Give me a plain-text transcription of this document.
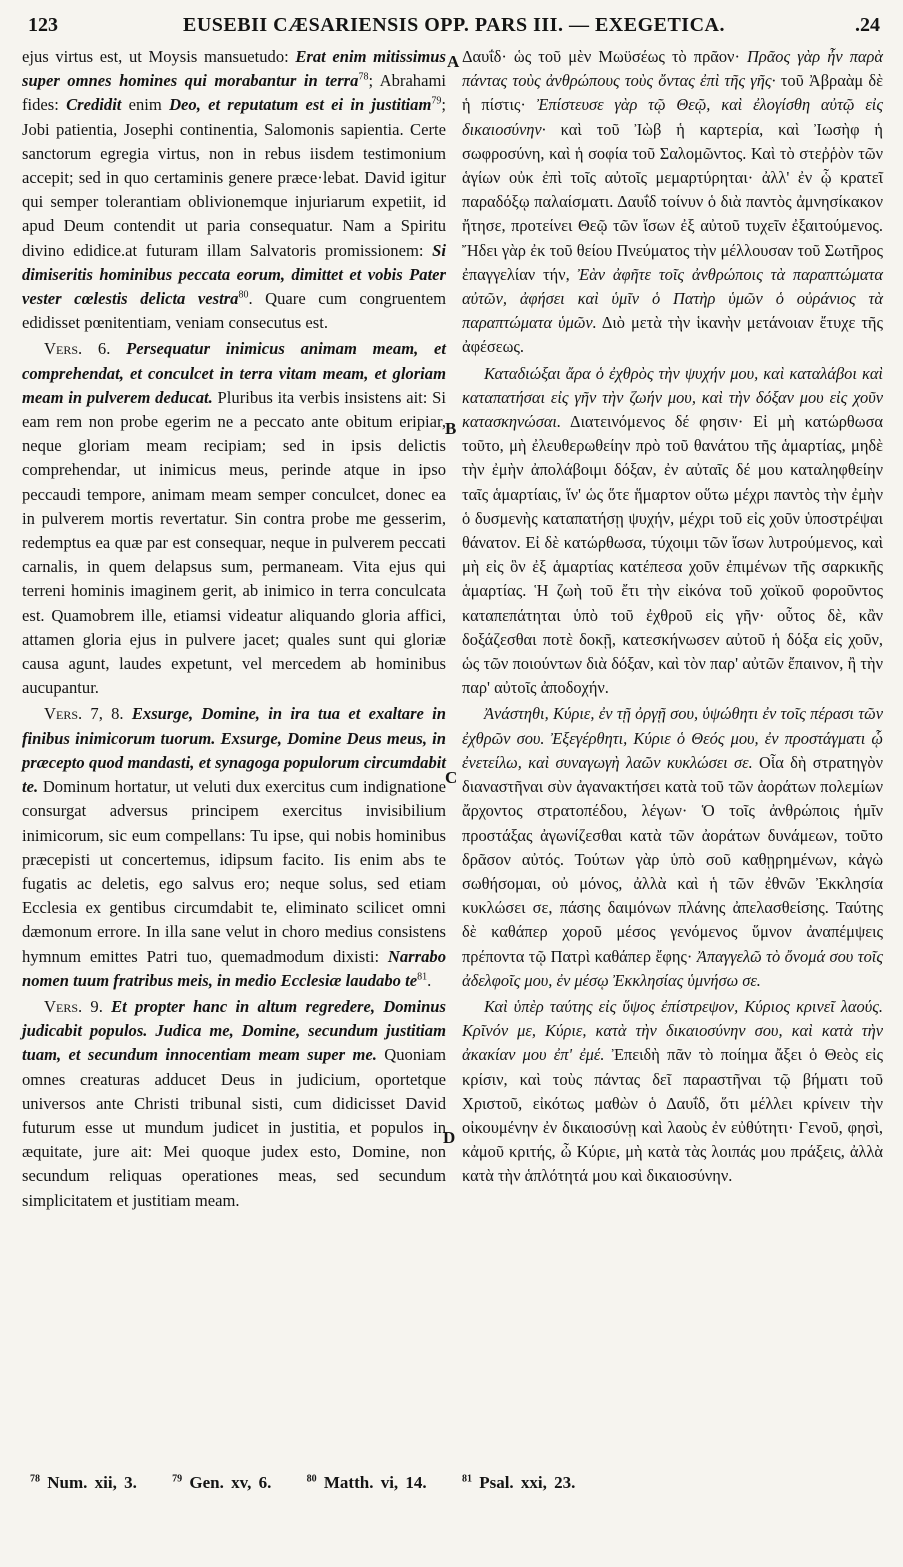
123	EUSEBII CÆSARIENSIS OPP. PARS III. — EXEGETICA.	.24
A
B
C
D

ejus virtus est, ut Moysis mansuetudo: Erat enim mitissimus super omnes homines qui morabantur in terra$^{78}$; Abrahami fides: Credidit enim Deo, et reputatum est ei in justitiam$^{79}$; Jobi patientia, Josephi continentia, Salomonis sapientia. Certe sanctorum egregia virtus, non in rebus iisdem testimonium accepit; sed in quo certaminis genere præce·lebat. David igitur qui semper tolerantiam oblivionemque injuriarum expetiit, id apud Deum contendit ut paria consequatur. Nam a Spiritu divino edidice.at futuram illam Salvatoris promissionem: Si dimiseritis hominibus peccata eorum, dimittet et vobis Pater vester cœlestis delicta vestra$^{80}$. Quare cum congruentem edidisset pœnitentiam, veniam consecutus est.

Vers. 6. Persequatur inimicus animam meam, et comprehendat, et conculcet in terra vitam meam, et gloriam meam in pulverem deducat. Pluribus ita verbis insistens ait: Si eam rem non probe egerim ne a peccato ante obitum eripiar, neque gloriam meam recipiam; sed in ipsis delictis comprehendar, ut inimicus meus, perinde atque in ipso peccaudi tempore, animam meam semper conculcet, donec ea in pulverem mortis revertatur. Sin contra probe me gesserim, redemptus ea quæ par est consequar, neque in pulverem peccati carnalis, in quem delapsus sum, permaneam. Vita ejus qui terreni hominis imaginem gerit, ab inimico in terra conculcata est. Quamobrem ille, etiamsi videatur aliquando gloria affici, attamen gloria ejus in pulvere jacet; quales sunt qui gloriæ causa agunt, laudes expetunt, vel mercedem ab hominibus aucupantur.

Vers. 7, 8. Exsurge, Domine, in ira tua et exaltare in finibus inimicorum tuorum. Exsurge, Domine Deus meus, in præcepto quod mandasti, et synagoga populorum circumdabit te. Dominum hortatur, ut veluti dux exercitus cum indignatione consurgat adversus principem exercitus invisibilium inimicorum, sic eum compellans: Tu ipse, qui nobis hominibus præcepisti ut concertemus, idipsum facito. Iis enim abs te fugatis ac deletis, ego salvus ero; neque solus, sed etiam Ecclesia ex gentibus circumdabit te, eliminato scilicet omni dæmonum errore. In illa sane velut in choro medius consistens hymnum emittes Patri tuo, quemadmodum dixisti: Narrabo nomen tuum fratribus meis, in medio Ecclesiæ laudabo $te^{81}$.

Vers. 9. Et propter hanc in altum regredere, Dominus judicabit populos. Judica me, Domine, secundum justitiam tuam, et secundum innocentiam meam super me. Quoniam omnes creaturas adducet Deus in judicium, oportetque universos ante Christi tribunal sisti, cum didicisset David futurum esse ut mundum judicet in justitia, et populos in æquitate, jure ait: Mei quoque judex esto, Domine, non secundum reliquas operationes meas, sed secundum simplicitatem et justitiam meam.

Δαυΐδ· ὡς τοῦ μὲν Μωϋσέως τὸ πρᾶον· Πρᾶος γὰρ ἦν παρὰ πάντας τοὺς ἀνθρώπους τοὺς ὄντας ἐπὶ τῆς γῆς· τοῦ Ἀβραὰμ δὲ ἡ πίστις· Ἐπίστευσε γὰρ τῷ Θεῷ, καὶ ἐλογίσθη αὐτῷ εἰς δικαιοσύνην· καὶ τοῦ Ἰὼβ ἡ καρτερία, καὶ Ἰωσὴφ ἡ σωφροσύνη, καὶ ἡ σοφία τοῦ Σαλομῶντος. Καὶ τὸ στεῤῥὸν τῶν ἁγίων οὐκ ἐπὶ τοῖς αὐτοῖς μεμαρτύρηται· ἀλλ' ἐν ᾧ κρατεῖ παραδόξῳ παλαίσματι. Δαυΐδ τοίνυν ὁ διὰ παντὸς ἀμνησίκακον ἤτησε, προτείνει Θεῷ τῶν ἴσων ἐξ αὐτοῦ τυχεῖν ἐξαιτούμενος. Ἤδει γὰρ ἐκ τοῦ θείου Πνεύματος τὴν μέλλουσαν τοῦ Σωτῆρος ἐπαγγελίαν τήν, Ἐὰν ἀφῆτε τοῖς ἀνθρώποις τὰ παραπτώματα αὐτῶν, ἀφήσει καὶ ὑμῖν ὁ Πατὴρ ὑμῶν ὁ οὐράνιος τὰ παραπτώματα ὑμῶν. Διὸ μετὰ τὴν ἱκανὴν μετάνοιαν ἔτυχε τῆς ἀφέσεως.

Καταδιώξαι ἄρα ὁ ἐχθρὸς τὴν ψυχήν μου, καὶ καταλάβοι καὶ καταπατήσαι εἰς γῆν τὴν ζωήν μου, καὶ τὴν δόξαν μου εἰς χοῦν κατασκηνώσαι. Διατεινόμενος δέ φησιν· Εἰ μὴ κατώρθωσα τοῦτο, μὴ ἐλευθερωθείην πρὸ τοῦ θανάτου τῆς ἁμαρτίας, μηδὲ τὴν ἐμὴν ἀπολάβοιμι δόξαν, ἐν αὐταῖς δέ μου καταληφθείην ταῖς ἁμαρτίαις, ἵν' ὡς ὅτε ἥμαρτον οὕτω μέχρι παντὸς τὴν ἐμὴν ὁ δυσμενὴς καταπατήσῃ ψυχήν, μέχρι τοῦ εἰς χοῦν ὑποστρέψαι θάνατον. Εἰ δὲ κατώρθωσα, τύχοιμι τῶν ἴσων λυτρούμενος, καὶ μὴ εἰς ὃν ἐξ ἁμαρτίας κατέπεσα χοῦν ἐπιμένων τῆς σαρκικῆς ἁμαρτίας. Ἡ ζωὴ τοῦ ἔτι τὴν εἰκόνα τοῦ χοϊκοῦ φοροῦντος καταπεπάτηται ὑπὸ τοῦ ἐχθροῦ εἰς γῆν· οὗτος δὲ, κἂν δοξάζεσθαι ποτὲ δοκῇ, κατεσκήνωσεν αὐτοῦ ἡ δόξα εἰς χοῦν, ὡς τῶν ποιούντων διὰ δόξαν, καὶ τὸν παρ' αὐτῶν ἔπαινον, ἢ τὴν παρ' αὐτοῖς ἀποδοχήν.

Ἀνάστηθι, Κύριε, ἐν τῇ ὀργῇ σου, ὑψώθητι ἐν τοῖς πέρασι τῶν ἐχθρῶν σου. Ἐξεγέρθητι, Κύριε ὁ Θεός μου, ἐν προστάγματι ᾧ ἐνετείλω, καὶ συναγωγὴ λαῶν κυκλώσει σε. Οἷα δὴ στρατηγὸν διαναστῆναι σὺν ἀγανακτήσει κατὰ τοῦ τῶν ἀοράτων πολεμίων ἄρχοντος στρατοπέδου, λέγων· Ὁ τοῖς ἀνθρώποις ἡμῖν προστάξας ἀγωνίζεσθαι κατὰ τῶν ἀοράτων δυνάμεων, τοῦτο δρᾶσον αὐτός. Τούτων γὰρ ὑπὸ σοῦ καθῃρημένων, κἀγὼ σωθήσομαι, οὐ μόνος, ἀλλὰ καὶ ἡ τῶν ἐθνῶν Ἐκκλησία κυκλώσει σε, πάσης δαιμόνων πλάνης ἀπελασθείσης. Ταύτης δὲ καθάπερ χοροῦ μέσος γενόμενος ὕμνον ἀναπέμψεις πρέποντα τῷ Πατρὶ καθάπερ ἔφης· Ἀπαγγελῶ τὸ ὄνομά σου τοῖς ἀδελφοῖς μου, ἐν μέσῳ Ἐκκλησίας ὑμνήσω σε.

Καὶ ὑπὲρ ταύτης εἰς ὕψος ἐπίστρεψον, Κύριος κρινεῖ λαούς. Κρῖνόν με, Κύριε, κατὰ τὴν δικαιοσύνην σου, καὶ κατὰ τὴν ἀκακίαν μου ἐπ' ἐμέ. Ἐπειδὴ πᾶν τὸ ποίημα ἄξει ὁ Θεὸς εἰς κρίσιν, καὶ τοὺς πάντας δεῖ παραστῆναι τῷ βήματι τοῦ Χριστοῦ, εἰκότως μαθὼν ὁ Δαυΐδ, ὅτι μέλλει κρίνειν τὴν οἰκουμένην ἐν δικαιοσύνῃ καὶ λαοὺς ἐν εὐθύτητι· Γενοῦ, φησὶ, κἀμοῦ κριτής, ὦ Κύριε, μὴ κατὰ τὰς λοιπάς μου πράξεις, ἀλλὰ κατὰ τὴν ἁπλότητά μου καὶ δικαιοσύνην.

$^{78}$ Num. xii, 3.	$^{79}$ Gen. xv, 6.	$^{80}$ Matth. vi, 14.	$^{81}$ Psal. xxi, 23.
